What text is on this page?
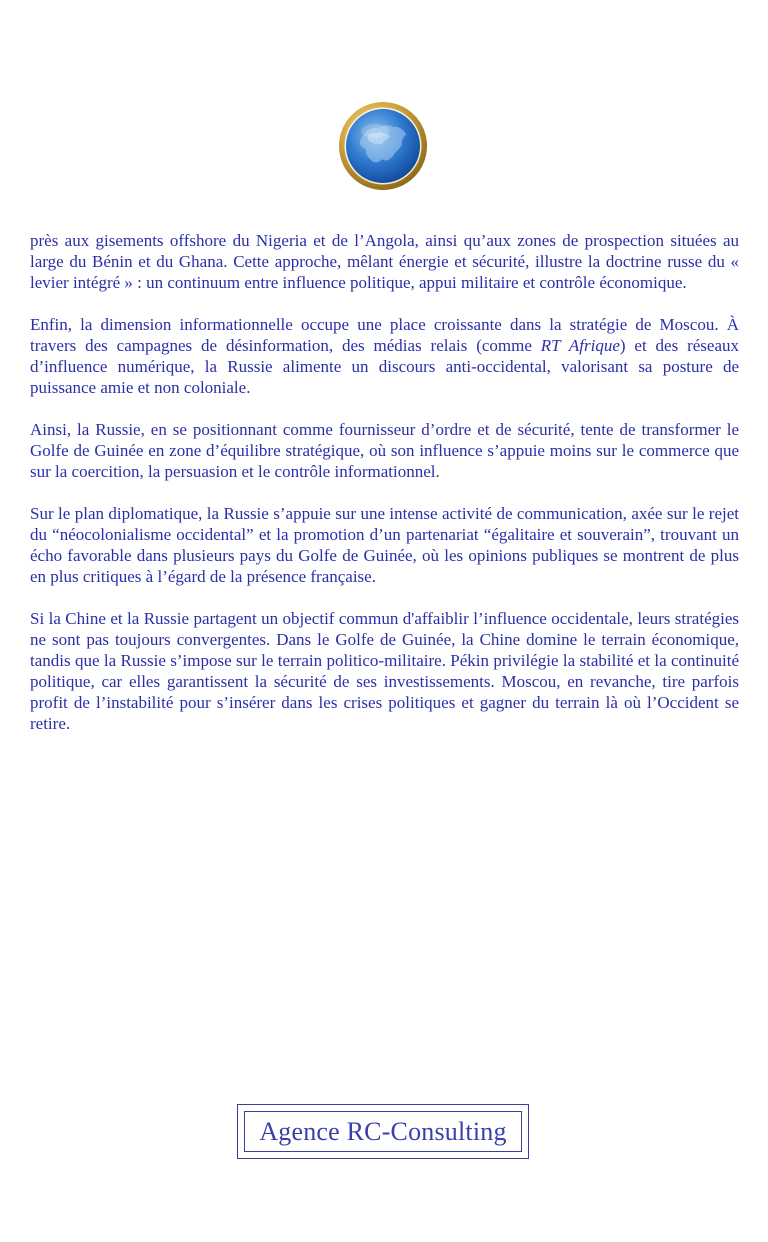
près aux gisements offshore du Nigeria et de l’Angola, ainsi qu’aux zones de prospection situées au large du Bénin et du Ghana. Cette approche, mêlant énergie et sécurité, illustre la doctrine russe du « levier intégré » : un continuum entre influence politique, appui militaire et contrôle économique.

Enfin, la dimension informationnelle occupe une place croissante dans la stratégie de Moscou. À travers des campagnes de désinformation, des médias relais (comme RT Afrique) et des réseaux d’influence numérique, la Russie alimente un discours anti-occidental, valorisant sa posture de puissance amie et non coloniale.

Ainsi, la Russie, en se positionnant comme fournisseur d’ordre et de sécurité, tente de transformer le Golfe de Guinée en zone d’équilibre stratégique, où son influence s’appuie moins sur le commerce que sur la coercition, la persuasion et le contrôle informationnel.

Sur le plan diplomatique, la Russie s’appuie sur une intense activité de communication, axée sur le rejet du “néocolonialisme occidental” et la promotion d’un partenariat “égalitaire et souverain”, trouvant un écho favorable dans plusieurs pays du Golfe de Guinée, où les opinions publiques se montrent de plus en plus critiques à l’égard de la présence française.

Si la Chine et la Russie partagent un objectif commun d'affaiblir l’influence occidentale, leurs stratégies ne sont pas toujours convergentes. Dans le Golfe de Guinée, la Chine domine le terrain économique, tandis que la Russie s’impose sur le terrain politico-militaire. Pékin privilégie la stabilité et la continuité politique, car elles garantissent la sécurité de ses investissements. Moscou, en revanche, tire parfois profit de l’instabilité pour s’insérer dans les crises politiques et gagner du terrain là où l’Occident se retire.

Agence RC-Consulting
